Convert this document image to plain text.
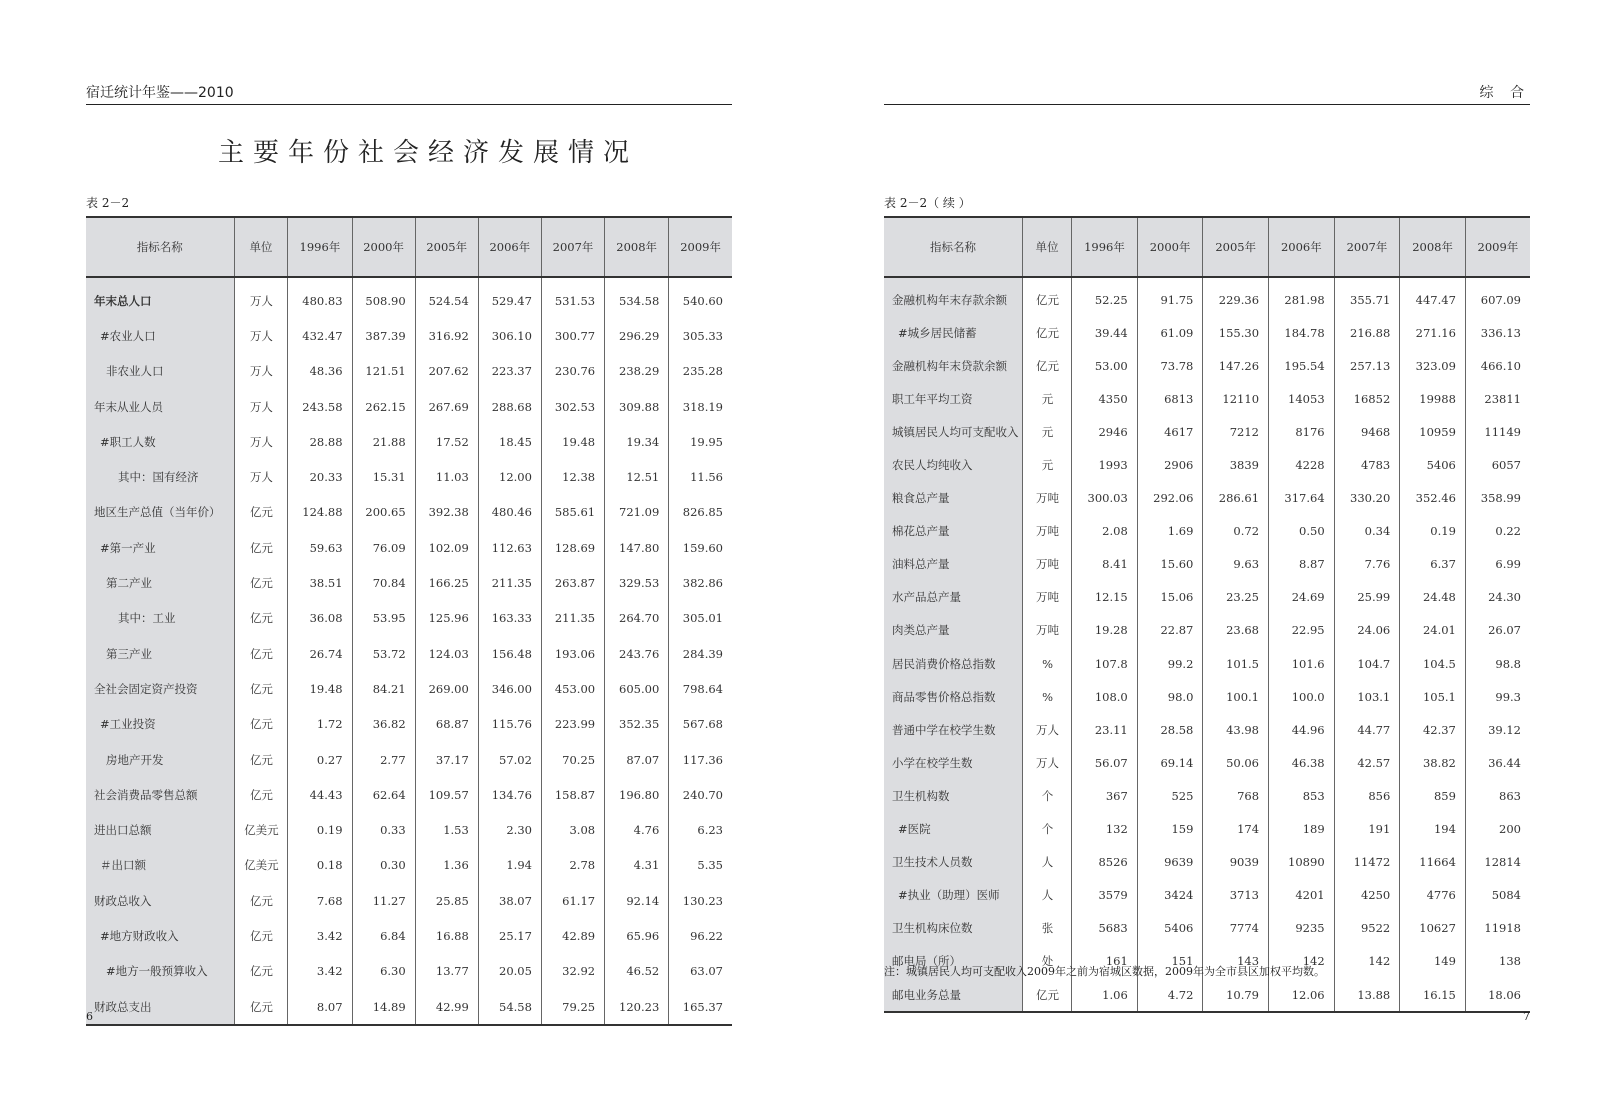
宿迁统计年鉴——2010
主要年份社会经济发展情况
表 2－2
指标名称	单位	1996年	2000年	2005年	2006年	2007年	2008年	2009年
年末总人口	万人	480.83	508.90	524.54	529.47	531.53	534.58	540.60
#农业人口	万人	432.47	387.39	316.92	306.10	300.77	296.29	305.33
非农业人口	万人	48.36	121.51	207.62	223.37	230.76	238.29	235.28
年末从业人员	万人	243.58	262.15	267.69	288.68	302.53	309.88	318.19
#职工人数	万人	28.88	21.88	17.52	18.45	19.48	19.34	19.95
其中：国有经济	万人	20.33	15.31	11.03	12.00	12.38	12.51	11.56
地区生产总值（当年价）	亿元	124.88	200.65	392.38	480.46	585.61	721.09	826.85
#第一产业	亿元	59.63	76.09	102.09	112.63	128.69	147.80	159.60
第二产业	亿元	38.51	70.84	166.25	211.35	263.87	329.53	382.86
其中：工业	亿元	36.08	53.95	125.96	163.33	211.35	264.70	305.01
第三产业	亿元	26.74	53.72	124.03	156.48	193.06	243.76	284.39
全社会固定资产投资	亿元	19.48	84.21	269.00	346.00	453.00	605.00	798.64
#工业投资	亿元	1.72	36.82	68.87	115.76	223.99	352.35	567.68
房地产开发	亿元	0.27	2.77	37.17	57.02	70.25	87.07	117.36
社会消费品零售总额	亿元	44.43	62.64	109.57	134.76	158.87	196.80	240.70
进出口总额	亿美元	0.19	0.33	1.53	2.30	3.08	4.76	6.23
＃出口额	亿美元	0.18	0.30	1.36	1.94	2.78	4.31	5.35
财政总收入	亿元	7.68	11.27	25.85	38.07	61.17	92.14	130.23
#地方财政收入	亿元	3.42	6.84	16.88	25.17	42.89	65.96	96.22
#地方一般预算收入	亿元	3.42	6.30	13.77	20.05	32.92	46.52	63.07
财政总支出	亿元	8.07	14.89	42.99	54.58	79.25	120.23	165.37
6
综 合
表 2－2（ 续 ）
指标名称	单位	1996年	2000年	2005年	2006年	2007年	2008年	2009年
金融机构年末存款余额	亿元	52.25	91.75	229.36	281.98	355.71	447.47	607.09
#城乡居民储蓄	亿元	39.44	61.09	155.30	184.78	216.88	271.16	336.13
金融机构年末贷款余额	亿元	53.00	73.78	147.26	195.54	257.13	323.09	466.10
职工年平均工资	元	4350	6813	12110	14053	16852	19988	23811
城镇居民人均可支配收入	元	2946	4617	7212	8176	9468	10959	11149
农民人均纯收入	元	1993	2906	3839	4228	4783	5406	6057
粮食总产量	万吨	300.03	292.06	286.61	317.64	330.20	352.46	358.99
棉花总产量	万吨	2.08	1.69	0.72	0.50	0.34	0.19	0.22
油料总产量	万吨	8.41	15.60	9.63	8.87	7.76	6.37	6.99
水产品总产量	万吨	12.15	15.06	23.25	24.69	25.99	24.48	24.30
肉类总产量	万吨	19.28	22.87	23.68	22.95	24.06	24.01	26.07
居民消费价格总指数	%	107.8	99.2	101.5	101.6	104.7	104.5	98.8
商品零售价格总指数	%	108.0	98.0	100.1	100.0	103.1	105.1	99.3
普通中学在校学生数	万人	23.11	28.58	43.98	44.96	44.77	42.37	39.12
小学在校学生数	万人	56.07	69.14	50.06	46.38	42.57	38.82	36.44
卫生机构数	个	367	525	768	853	856	859	863
#医院	个	132	159	174	189	191	194	200
卫生技术人员数	人	8526	9639	9039	10890	11472	11664	12814
#执业（助理）医师	人	3579	3424	3713	4201	4250	4776	5084
卫生机构床位数	张	5683	5406	7774	9235	9522	10627	11918
邮电局（所）	处	161	151	143	142	142	149	138
邮电业务总量	亿元	1.06	4.72	10.79	12.06	13.88	16.15	18.06
注：城镇居民人均可支配收入2009年之前为宿城区数据，2009年为全市县区加权平均数。
7
